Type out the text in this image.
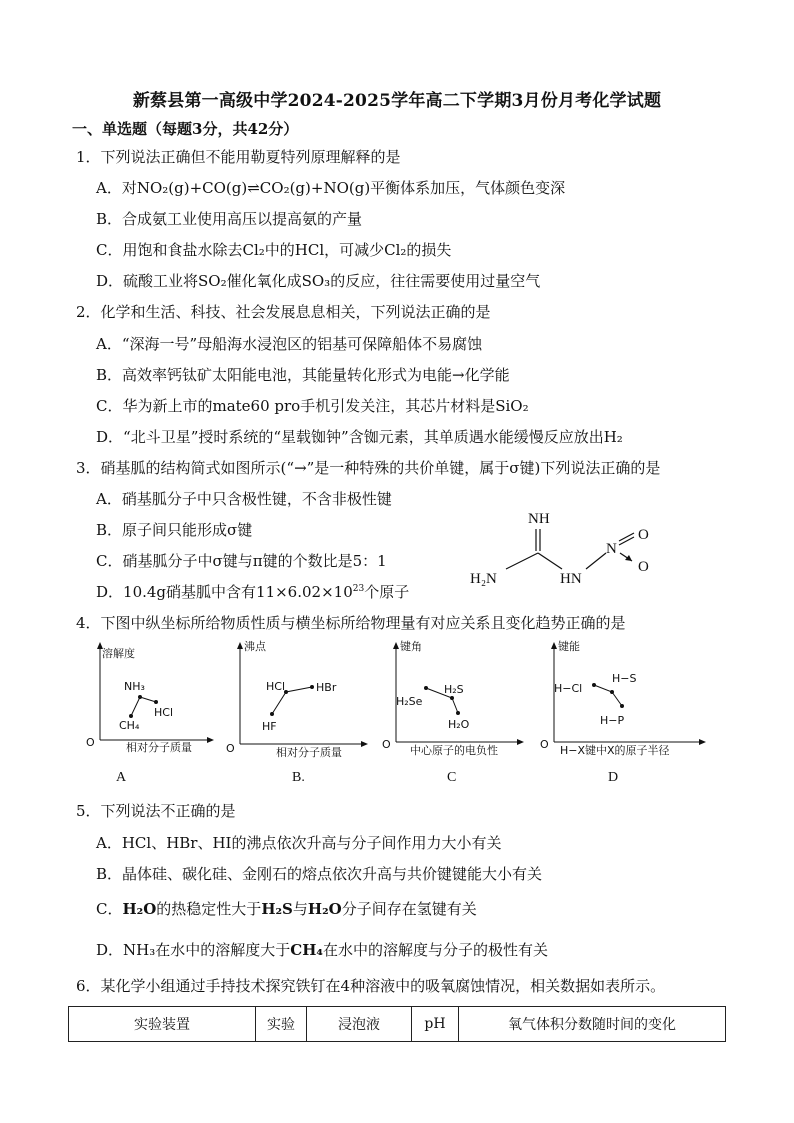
新蔡县第一高级中学2024-2025学年高二下学期3月份月考化学试题
一、单选题（每题3分，共42分）
1．下列说法正确但不能用勒夏特列原理解释的是
A．对NO₂(g)+CO(g)⇌CO₂(g)+NO(g)平衡体系加压，气体颜色变深
B．合成氨工业使用高压以提高氨的产量
C．用饱和食盐水除去Cl₂中的HCl，可减少Cl₂的损失
D．硫酸工业将SO₂催化氧化成SO₃的反应，往往需要使用过量空气
2．化学和生活、科技、社会发展息息相关，下列说法正确的是
A．“深海一号”母船海水浸泡区的铝基可保障船体不易腐蚀
B．高效率钙钛矿太阳能电池，其能量转化形式为电能→化学能
C．华为新上市的mate60 pro手机引发关注，其芯片材料是SiO₂
D．“北斗卫星”授时系统的“星载铷钟”含铷元素，其单质遇水能缓慢反应放出H₂
3．硝基胍的结构简式如图所示(“→”是一种特殊的共价单键，属于σ键)下列说法正确的是
A．硝基胍分子中只含极性键，不含非极性键
B．原子间只能形成σ键
C．硝基胍分子中σ键与π键的个数比是5：1
D．10.4g硝基胍中含有$11\times 6.02\times 10^{23}$个原子
NH
H₂N	HN
N
O
O
4．下图中纵坐标所给物质性质与横坐标所给物理量有对应关系且变化趋势正确的是
溶解度
O	相对分子质量
NH₃
HCl
CH₄
A
沸点
O	相对分子质量
HCl	HBr
HF
B.
键角
O 中心原子的电负性
H₂Se
H₂S
H₂O
C
键能
O H−X键中X的原子半径
H−Cl
H−S
H−P
D
5．下列说法不正确的是
A．HCl、HBr、HI的沸点依次升高与分子间作用力大小有关
B．晶体硅、碳化硅、金刚石的熔点依次升高与共价键键能大小有关
C．H₂O的热稳定性大于H₂S与H₂O分子间存在氢键有关
D．NH₃在水中的溶解度大于CH₄在水中的溶解度与分子的极性有关
6．某化学小组通过手持技术探究铁钉在4种溶液中的吸氧腐蚀情况，相关数据如表所示。
实验装置	实验	浸泡液	pH	氧气体积分数随时间的变化
